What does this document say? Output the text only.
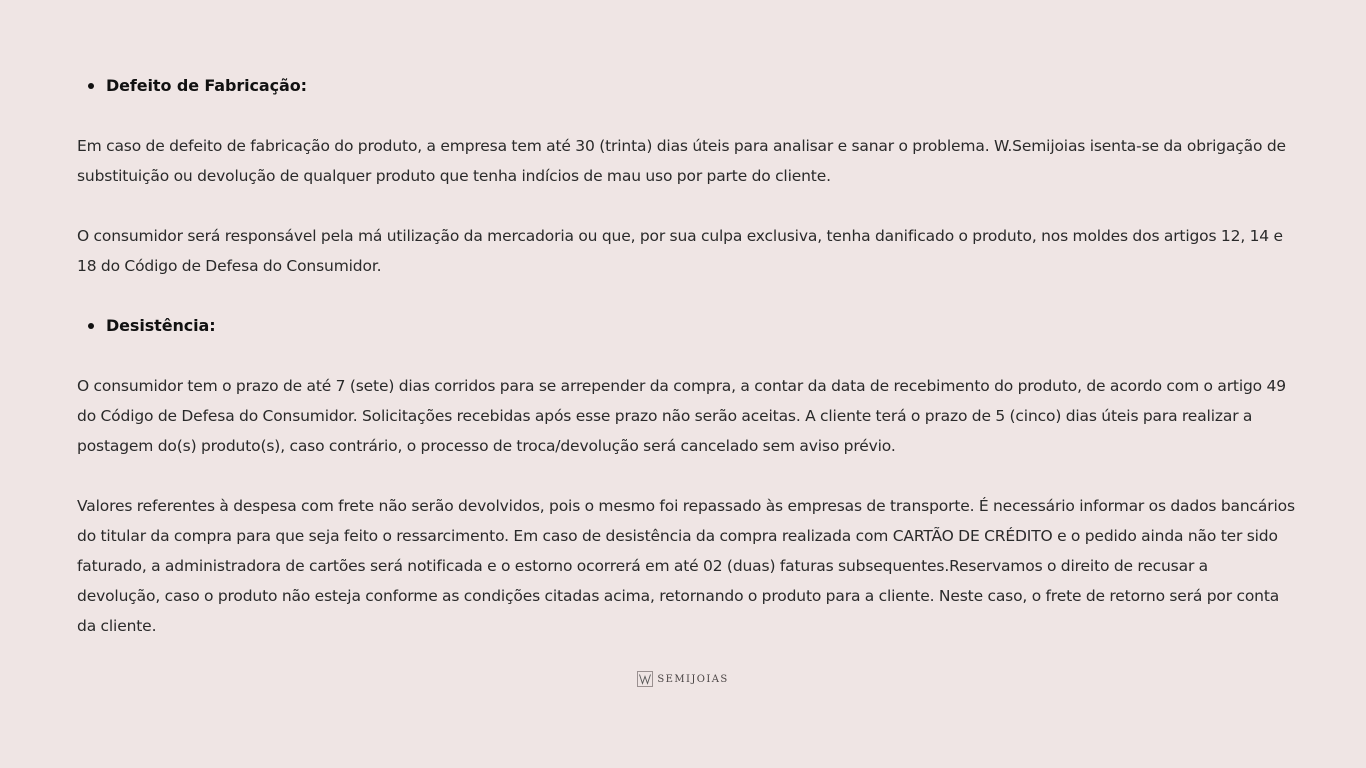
Defeito de Fabricação:

Em caso de defeito de fabricação do produto, a empresa tem até 30 (trinta) dias úteis para analisar e sanar o problema. W.Semijoias isenta-se da obrigação de substituição ou devolução de qualquer produto que tenha indícios de mau uso por parte do cliente.

O consumidor será responsável pela má utilização da mercadoria ou que, por sua culpa exclusiva, tenha danificado o produto, nos moldes dos artigos 12, 14 e 18 do Código de Defesa do Consumidor.

Desistência:

O consumidor tem o prazo de até 7 (sete) dias corridos para se arrepender da compra, a contar da data de recebimento do produto, de acordo com o artigo 49 do Código de Defesa do Consumidor. Solicitações recebidas após esse prazo não serão aceitas. A cliente terá o prazo de 5 (cinco) dias úteis para realizar a postagem do(s) produto(s), caso contrário, o processo de troca/devolução será cancelado sem aviso prévio.

Valores referentes à despesa com frete não serão devolvidos, pois o mesmo foi repassado às empresas de transporte. É necessário informar os dados bancários do titular da compra para que seja feito o ressarcimento. Em caso de desistência da compra realizada com CARTÃO DE CRÉDITO e o pedido ainda não ter sido faturado, a administradora de cartões será notificada e o estorno ocorrerá em até 02 (duas) faturas subsequentes.Reservamos o direito de recusar a devolução, caso o produto não esteja conforme as condições citadas acima, retornando o produto para a cliente. Neste caso, o frete de retorno será por conta da cliente.

SEMIJOIAS
